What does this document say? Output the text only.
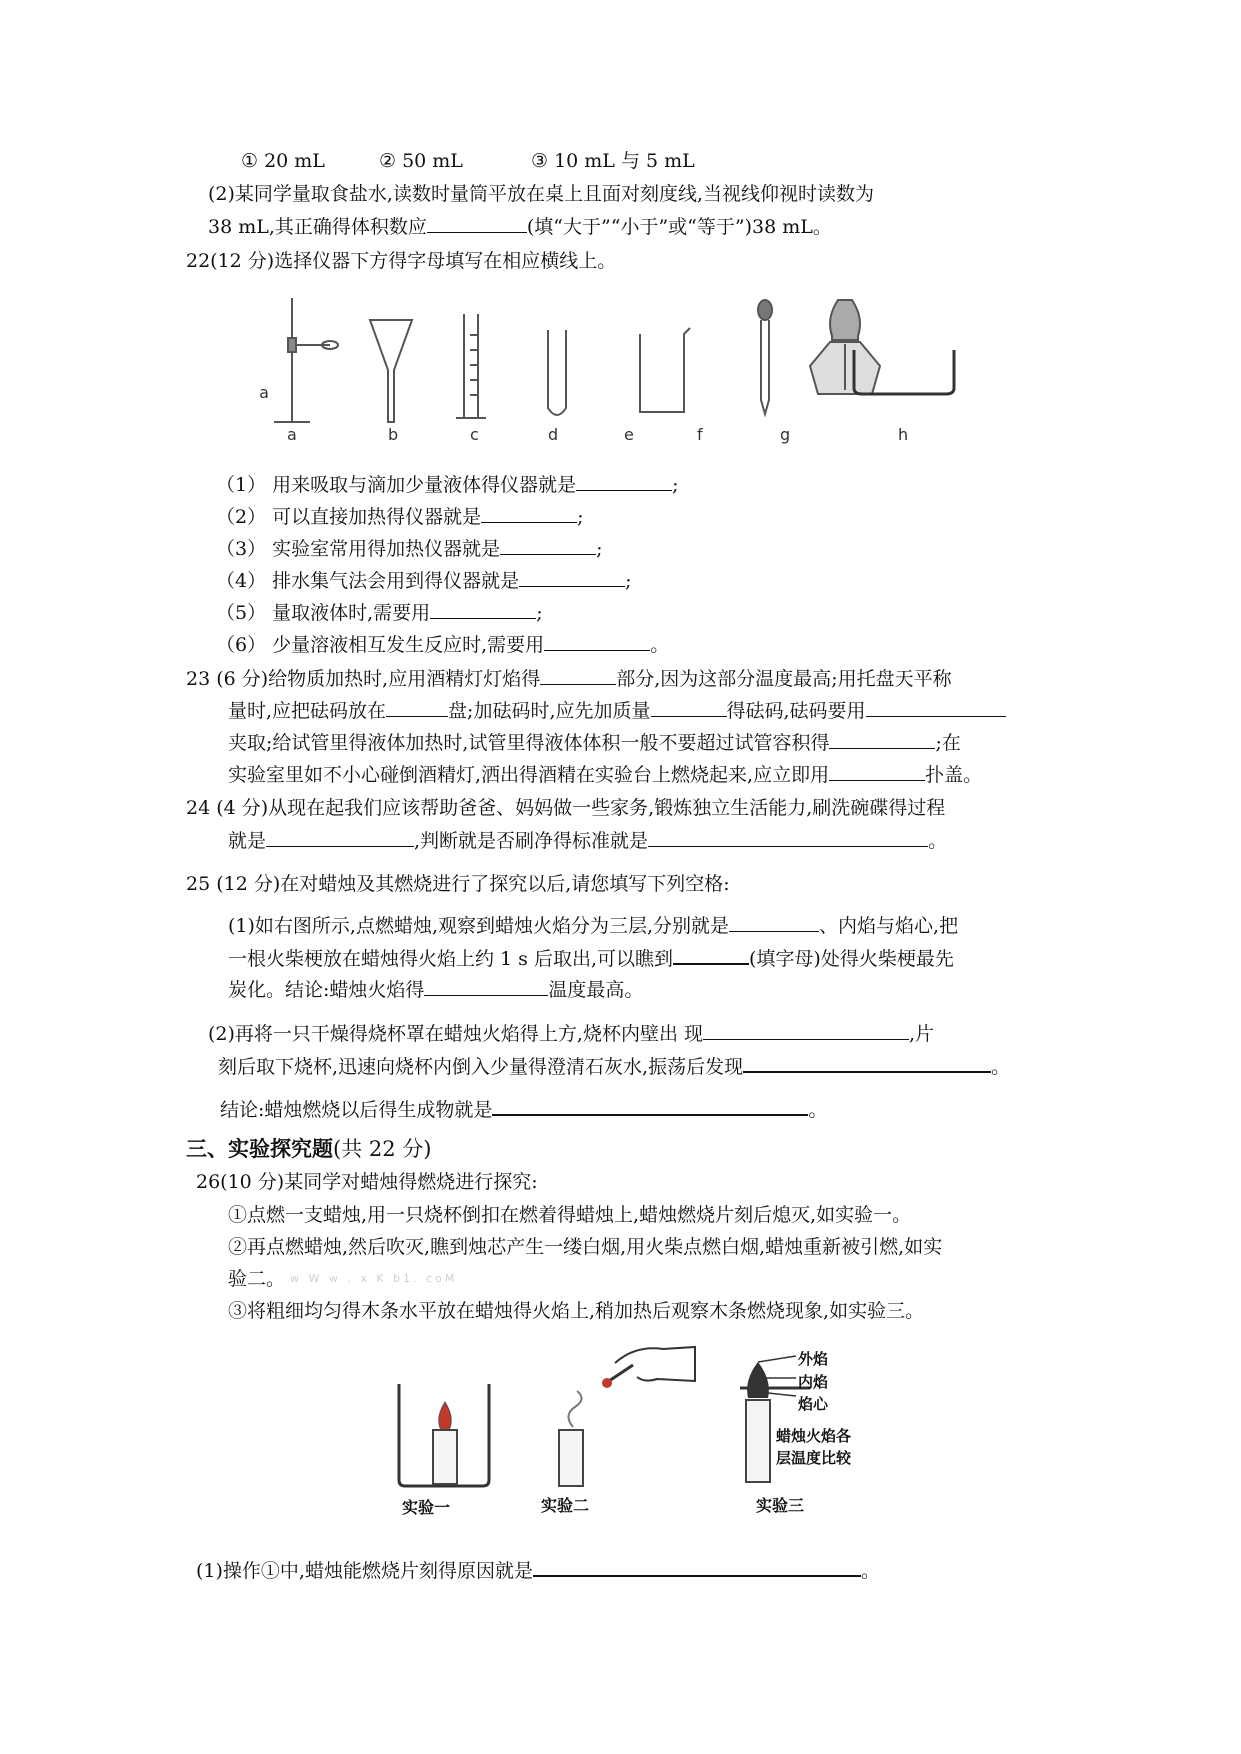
① 20 mL	② 50 mL	③ 10 mL 与 5 mL
(2)某同学量取食盐水,读数时量筒平放在桌上且面对刻度线,当视线仰视时读数为
38 mL,其正确得体积数应	(填“大于”“小于”或“等于”)38 mL。
22(12 分)选择仪器下方得字母填写在相应横线上。
a
a	b	c	d	e	f	g	h
（1） 用来吸取与滴加少量液体得仪器就是	;
（2） 可以直接加热得仪器就是	;
（3） 实验室常用得加热仪器就是	;
（4） 排水集气法会用到得仪器就是	;
（5） 量取液体时,需要用	;
（6） 少量溶液相互发生反应时,需要用	。
23 (6 分)给物质加热时,应用酒精灯灯焰得	部分,因为这部分温度最高;用托盘天平称
量时,应把砝码放在	盘;加砝码时,应先加质量	得砝码,砝码要用
夹取;给试管里得液体加热时,试管里得液体体积一般不要超过试管容积得	;在
实验室里如不小心碰倒酒精灯,洒出得酒精在实验台上燃烧起来,应立即用	扑盖。
24 (4 分)从现在起我们应该帮助爸爸、妈妈做一些家务,锻炼独立生活能力,刷洗碗碟得过程
就是	,判断就是否刷净得标准就是	。
25 (12 分)在对蜡烛及其燃烧进行了探究以后,请您填写下列空格:
(1)如右图所示,点燃蜡烛,观察到蜡烛火焰分为三层,分别就是	、内焰与焰心,把
一根火柴梗放在蜡烛得火焰上约 1 s 后取出,可以瞧到	(填字母)处得火柴梗最先
炭化。结论:蜡烛火焰得	温度最高。
(2)再将一只干燥得烧杯罩在蜡烛火焰得上方,烧杯内壁出 现	,片
刻后取下烧杯,迅速向烧杯内倒入少量得澄清石灰水,振荡后发现	。
结论:蜡烛燃烧以后得生成物就是	。
三、实验探究题(共 22 分)
26(10 分)某同学对蜡烛得燃烧进行探究:
①点燃一支蜡烛,用一只烧杯倒扣在燃着得蜡烛上,蜡烛燃烧片刻后熄灭,如实验一。
②再点燃蜡烛,然后吹灭,瞧到烛芯产生一缕白烟,用火柴点燃白烟,蜡烛重新被引燃,如实
验二。 w W w . x K b1. coM
③将粗细均匀得木条水平放在蜡烛得火焰上,稍加热后观察木条燃烧现象,如实验三。
外焰
内焰
焰心
蜡烛火焰各
层温度比较
实验一	实验二	实验三
(1)操作①中,蜡烛能燃烧片刻得原因就是	。
